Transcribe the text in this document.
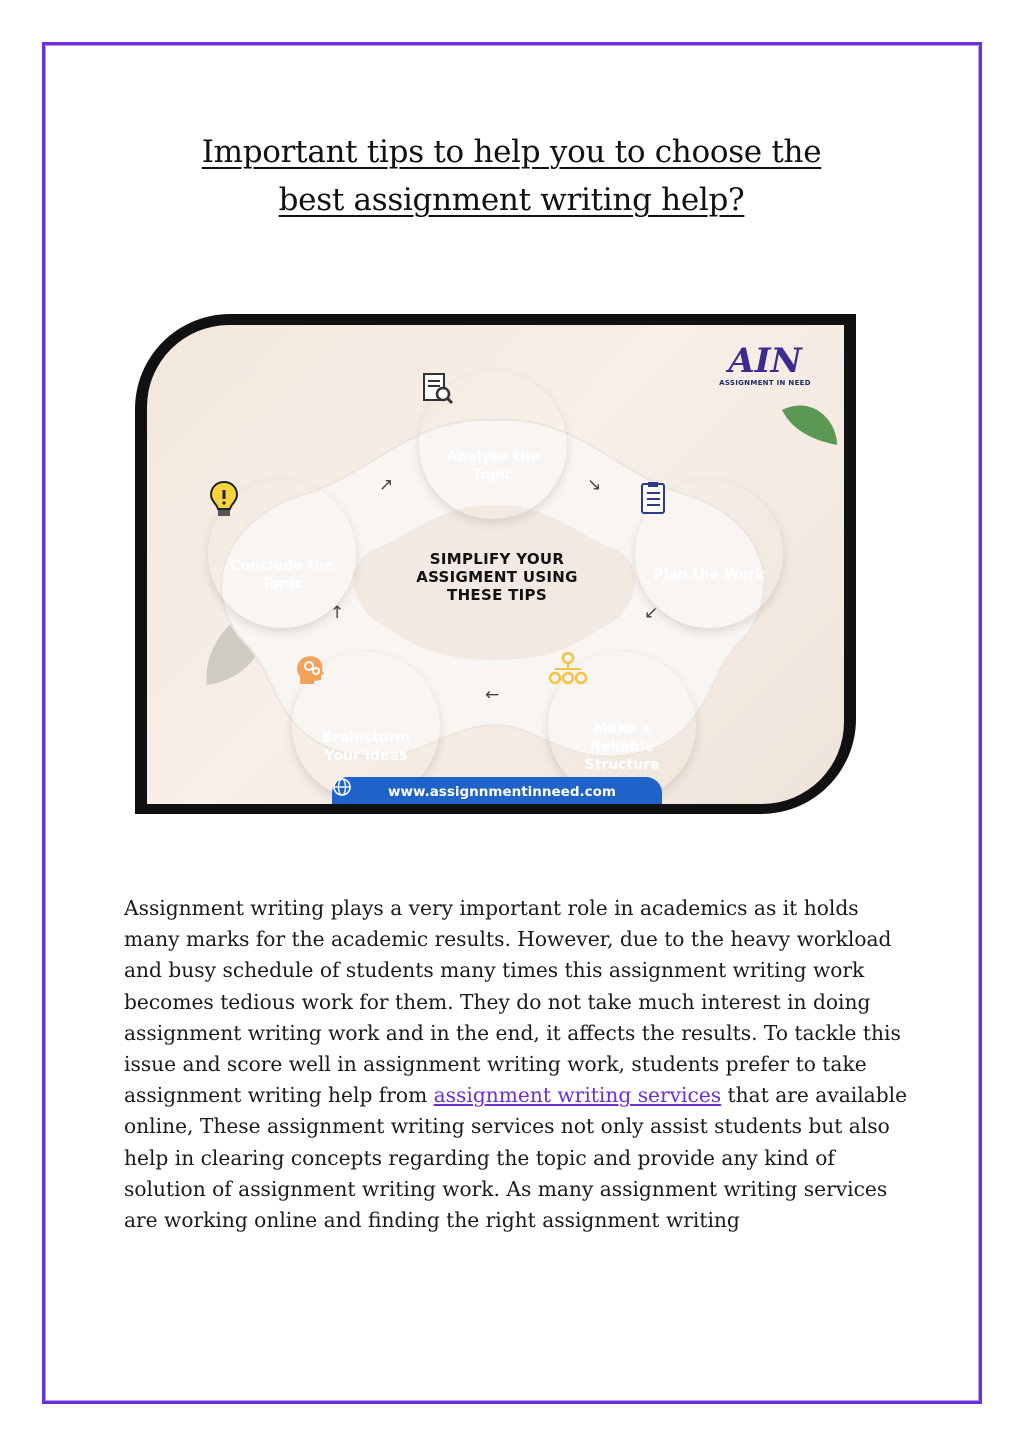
Important tips to help you to choose the
best assignment writing help?
AIN
ASSIGNMENT IN NEED

Analyse the
Topic

Plan the Work

Make a
Reliable
Structure

Brainstorm
Your Ideas

Conclude the
Topic
SIMPLIFY YOUR
ASSIGMENT USING
THESE TIPS
↗	↘
↙
←
↑
www.assignnmentinneed.com
Assignment writing plays a very important role in academics as it holds many marks for the academic results. However, due to the heavy workload and busy schedule of students many times this assignment writing work becomes tedious work for them. They do not take much interest in doing assignment writing work and in the end, it affects the results. To tackle this issue and score well in assignment writing work, students prefer to take assignment writing help from assignment writing services that are available online, These assignment writing services not only assist students but also help in clearing concepts regarding the topic and provide any kind of solution of assignment writing work. As many assignment writing services are working online and finding the right assignment writing
